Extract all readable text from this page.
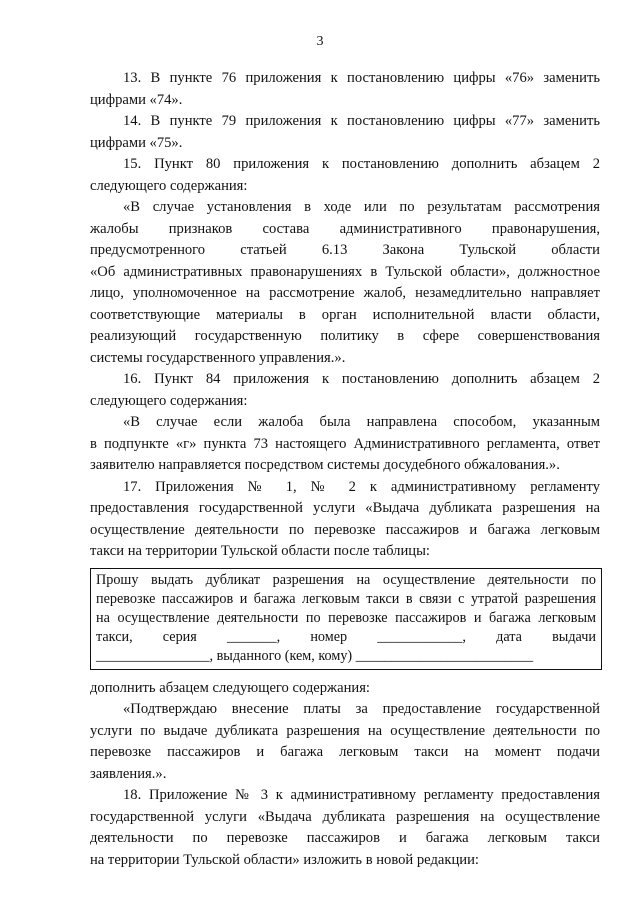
3
13. В пункте 76 приложения к постановлению цифры «76» заменить
цифрами «74».
14. В пункте 79 приложения к постановлению цифры «77» заменить
цифрами «75».
15. Пункт 80 приложения к постановлению дополнить абзацем 2
следующего содержания:
«В случае установления в ходе или по результатам рассмотрения
жалобы признаков состава административного правонарушения,
предусмотренного статьей 6.13 Закона Тульской области
«Об административных правонарушениях в Тульской области», должностное
лицо, уполномоченное на рассмотрение жалоб, незамедлительно направляет
соответствующие материалы в орган исполнительной власти области,
реализующий государственную политику в сфере совершенствования
системы государственного управления.».
16. Пункт 84 приложения к постановлению дополнить абзацем 2
следующего содержания:
«В случае если жалоба была направлена способом, указанным
в подпункте «г» пункта 73 настоящего Административного регламента, ответ
заявителю направляется посредством системы досудебного обжалования.».
17. Приложения № 1, № 2 к административному регламенту
предоставления государственной услуги «Выдача дубликата разрешения на
осуществление деятельности по перевозке пассажиров и багажа легковым
такси на территории Тульской области после таблицы:
Прошу выдать дубликат разрешения на осуществление деятельности по
перевозке пассажиров и багажа легковым такси в связи с утратой разрешения
на осуществление деятельности по перевозке пассажиров и багажа легковым
такси, серия _______, номер ____________, дата выдачи
________________, выданного (кем, кому) _________________________
дополнить абзацем следующего содержания:
«Подтверждаю внесение платы за предоставление государственной
услуги по выдаче дубликата разрешения на осуществление деятельности по
перевозке пассажиров и багажа легковым такси на момент подачи
заявления.».
18. Приложение № 3 к административному регламенту предоставления
государственной услуги «Выдача дубликата разрешения на осуществление
деятельности по перевозке пассажиров и багажа легковым такси
на территории Тульской области» изложить в новой редакции:
